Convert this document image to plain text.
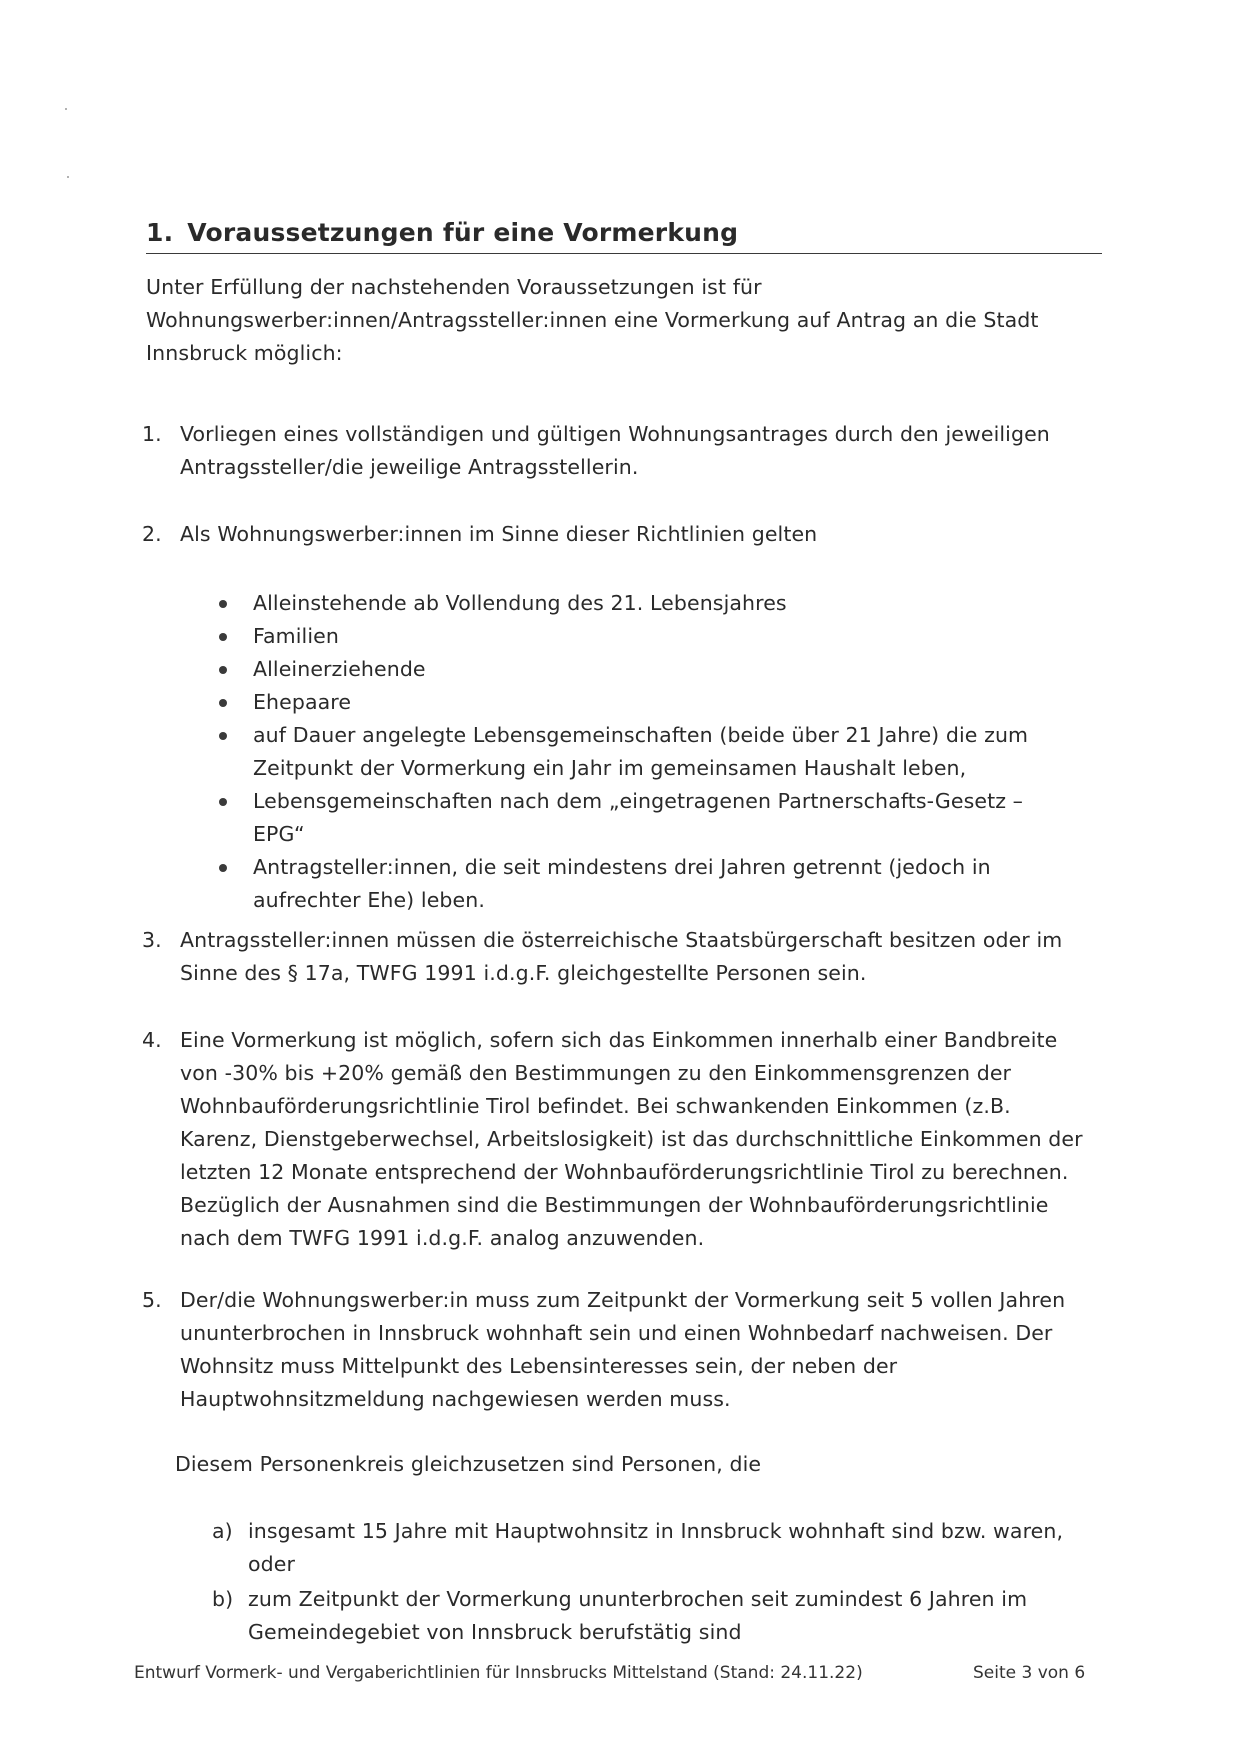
1. Voraussetzungen für eine Vormerkung
Unter Erfüllung der nachstehenden Voraussetzungen ist für Wohnungswerber:innen/Antragssteller:innen eine Vormerkung auf Antrag an die Stadt Innsbruck möglich:
1. Vorliegen eines vollständigen und gültigen Wohnungsantrages durch den jeweiligen Antragssteller/die jeweilige Antragsstellerin.
2. Als Wohnungswerber:innen im Sinne dieser Richtlinien gelten
Alleinstehende ab Vollendung des 21. Lebensjahres
Familien
Alleinerziehende
Ehepaare
auf Dauer angelegte Lebensgemeinschaften (beide über 21 Jahre) die zum Zeitpunkt der Vormerkung ein Jahr im gemeinsamen Haushalt leben,
Lebensgemeinschaften nach dem „eingetragenen Partnerschafts-Gesetz – EPG“
Antragsteller:innen, die seit mindestens drei Jahren getrennt (jedoch in aufrechter Ehe) leben.
3. Antragssteller:innen müssen die österreichische Staatsbürgerschaft besitzen oder im Sinne des § 17a, TWFG 1991 i.d.g.F. gleichgestellte Personen sein.
4. Eine Vormerkung ist möglich, sofern sich das Einkommen innerhalb einer Bandbreite von -30% bis +20% gemäß den Bestimmungen zu den Einkommensgrenzen der Wohnbauförderungsrichtlinie Tirol befindet. Bei schwankenden Einkommen (z.B. Karenz, Dienstgeberwechsel, Arbeitslosigkeit) ist das durchschnittliche Einkommen der letzten 12 Monate entsprechend der Wohnbauförderungsrichtlinie Tirol zu berechnen. Bezüglich der Ausnahmen sind die Bestimmungen der Wohnbauförderungsrichtlinie nach dem TWFG 1991 i.d.g.F. analog anzuwenden.
5. Der/die Wohnungswerber:in muss zum Zeitpunkt der Vormerkung seit 5 vollen Jahren ununterbrochen in Innsbruck wohnhaft sein und einen Wohnbedarf nachweisen. Der Wohnsitz muss Mittelpunkt des Lebensinteresses sein, der neben der Hauptwohnsitzmeldung nachgewiesen werden muss.
Diesem Personenkreis gleichzusetzen sind Personen, die
a) insgesamt 15 Jahre mit Hauptwohnsitz in Innsbruck wohnhaft sind bzw. waren, oder
b) zum Zeitpunkt der Vormerkung ununterbrochen seit zumindest 6 Jahren im Gemeindegebiet von Innsbruck berufstätig sind
Entwurf Vormerk- und Vergaberichtlinien für Innsbrucks Mittelstand (Stand: 24.11.22)	Seite 3 von 6
